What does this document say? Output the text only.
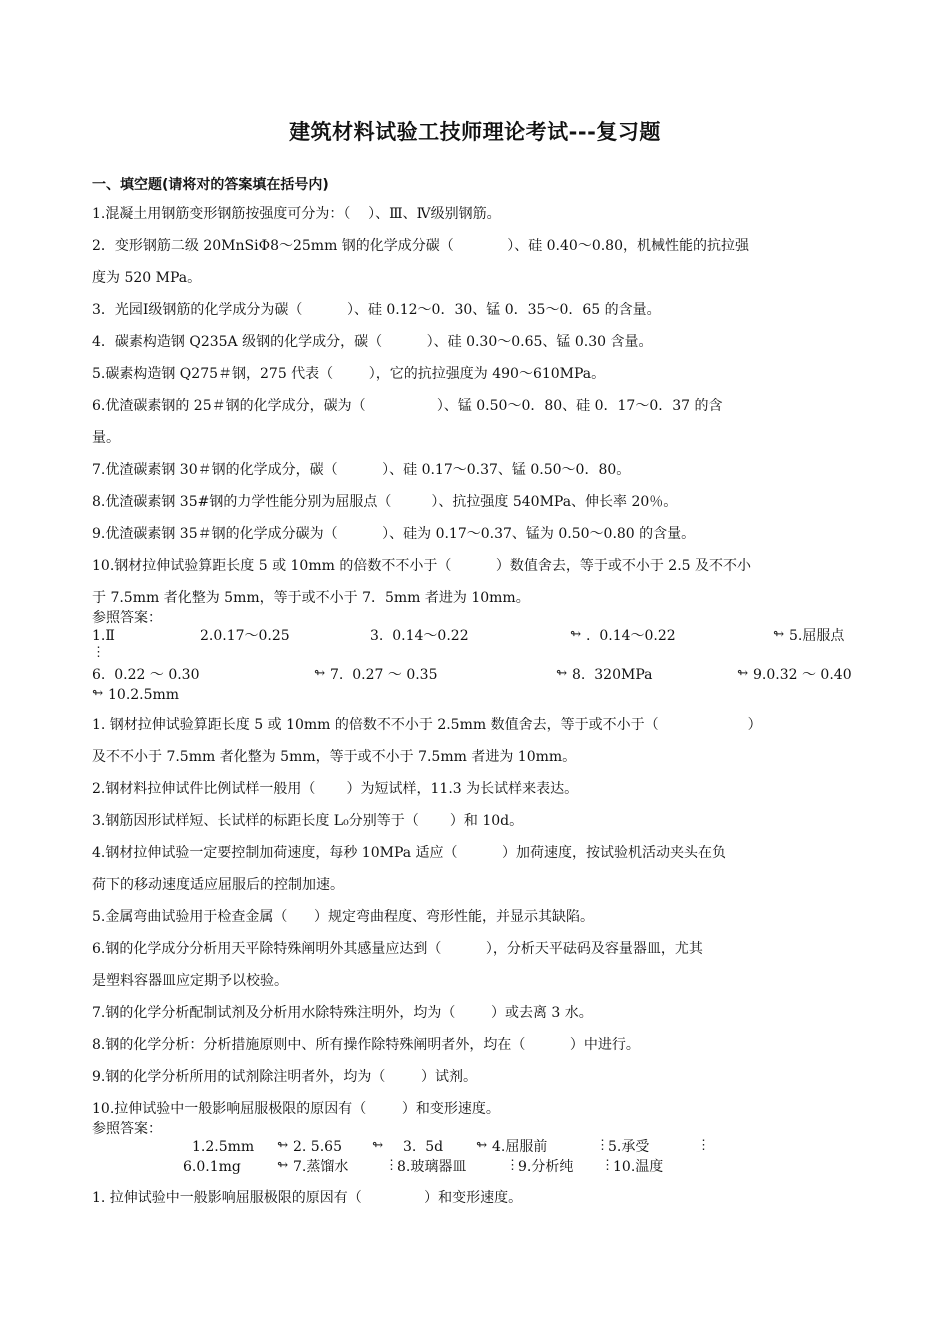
建筑材料试验工技师理论考试---复习题
一、填空题(请将对的答案填在括号内)
1.混凝土用钢筋变形钢筋按强度可分为：（    ）、Ⅲ、Ⅳ级别钢筋。
2．变形钢筋二级 20MnSiΦ8～25mm 钢的化学成分碳（            ）、硅 0.40～0.80，机械性能的抗拉强
度为 520 MPa。
3．光园Ⅰ级钢筋的化学成分为碳（          ）、硅 0.12～0．30、锰 0．35～0．65 的含量。
4．碳素构造钢 Q235A 级钢的化学成分，碳（          ）、硅 0.30～0.65、锰 0.30 含量。
5.碳素构造钢 Q275＃钢，275 代表（        ），它的抗拉强度为 490～610MPa。
6.优渣碳素钢的 25＃钢的化学成分，碳为（                ）、锰 0.50～0．80、硅 0．17～0．37 的含
量。
7.优渣碳素钢 30＃钢的化学成分，碳（          ）、硅 0.17～0.37、锰 0.50～0．80。
8.优渣碳素钢 35#钢的力学性能分别为屈服点（         ）、抗拉强度 540MPa、伸长率 20％。
9.优渣碳素钢 35＃钢的化学成分碳为（          ）、硅为 0.17～0.37、锰为 0.50～0.80 的含量。
10.钢材拉伸试验算距长度 5 或 10mm 的倍数不不小于（          ）数值舍去，等于或不小于 2.5 及不不小
于 7.5mm 者化整为 5mm，等于或不小于 7．5mm 者进为 10mm。
参照答案：
1.Ⅱ	2.0.17～0.25	3.  0.14～0.22	↬ .  0.14～0.22	↬ 5.屈服点
⋮
6.  0.22 ～ 0.30	↬ 7.  0.27 ～ 0.35	↬ 8.  320MPa	↬ 9.0.32 ～ 0.40
↬ 10.2.5mm
1. 钢材拉伸试验算距长度 5 或 10mm 的倍数不不小于 2.5mm 数值舍去，等于或不小于（                    ）
及不不小于 7.5mm 者化整为 5mm，等于或不小于 7.5mm 者进为 10mm。
2.钢材料拉伸试件比例试样一般用（       ）为短试样，11.3 为长试样来表达。
3.钢筋因形试样短、长试样的标距长度 L₀分别等于（       ）和 10d。
4.钢材拉伸试验一定要控制加荷速度，每秒 10MPa 适应（          ）加荷速度，按试验机活动夹头在负
荷下的移动速度适应屈服后的控制加速。
5.金属弯曲试验用于检查金属（      ）规定弯曲程度、弯形性能，并显示其缺陷。
6.钢的化学成分分析用天平除特殊阐明外其感量应达到（          ），分析天平砝码及容量器皿，尤其
是塑料容器皿应定期予以校验。
7.钢的化学分析配制试剂及分析用水除特殊注明外，均为（        ）或去离 3 水。
8.钢的化学分析：分析措施原则中、所有操作除特殊阐明者外，均在（          ）中进行。
9.钢的化学分析所用的试剂除注明者外，均为（        ）试剂。
10.拉伸试验中一般影响屈服极限的原因有（        ）和变形速度。
参照答案：
1.2.5mm ↬ 2. 5.65 ↬ 3.  5d	↬ 4.屈服前	⋮ 5.承受	⋮
6.0.1mg	↬ 7.蒸馏水	⋮ 8.玻璃器皿	⋮ 9.分析纯 ⋮ 10.温度
1. 拉伸试验中一般影响屈服极限的原因有（              ）和变形速度。
